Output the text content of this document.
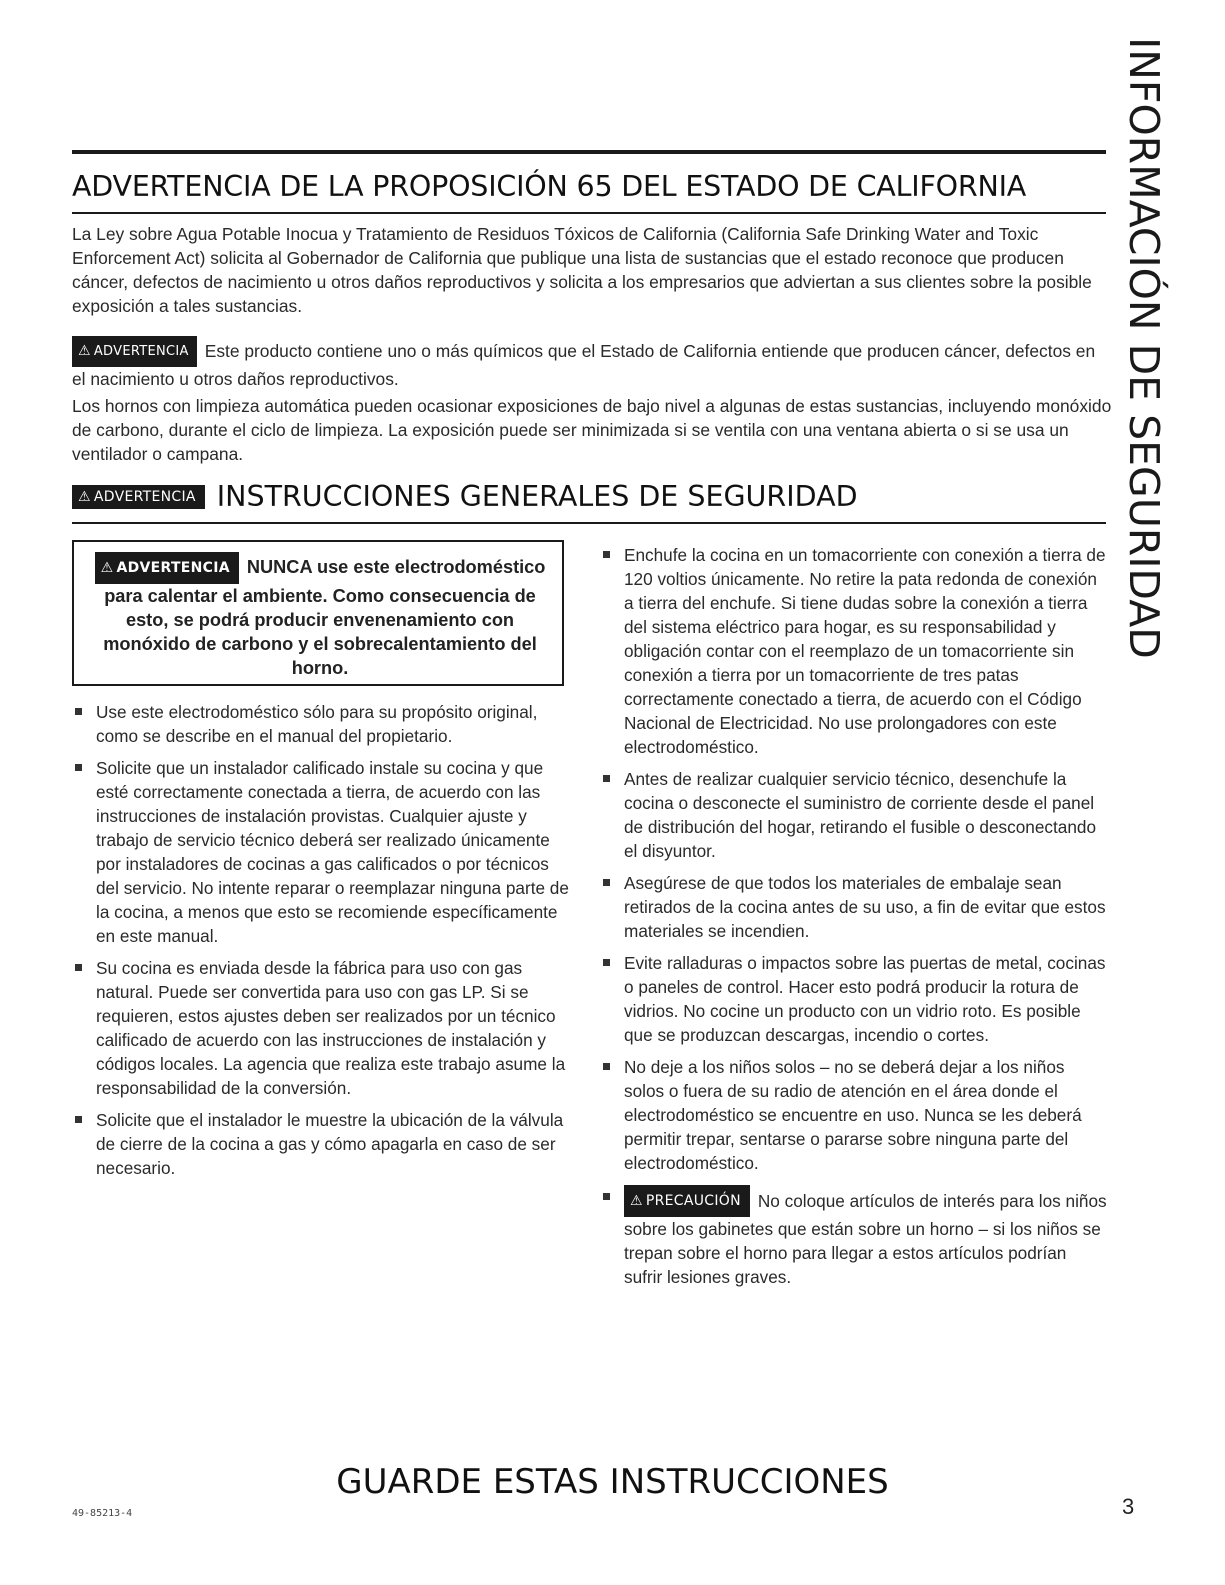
INFORMACIÓN DE SEGURIDAD
ADVERTENCIA DE LA PROPOSICIÓN 65 DEL ESTADO DE CALIFORNIA

La Ley sobre Agua Potable Inocua y Tratamiento de Residuos Tóxicos de California (California Safe Drinking Water and Toxic Enforcement Act) solicita al Gobernador de California que publique una lista de sustancias que el estado reconoce que producen cáncer, defectos de nacimiento u otros daños reproductivos y solicita a los empresarios que adviertan a sus clientes sobre la posible exposición a tales sustancias.

⚠ ADVERTENCIA Este producto contiene uno o más químicos que el Estado de California entiende que producen cáncer, defectos en el nacimiento u otros daños reproductivos.

Los hornos con limpieza automática pueden ocasionar exposiciones de bajo nivel a algunas de estas sustancias, incluyendo monóxido de carbono, durante el ciclo de limpieza. La exposición puede ser minimizada si se ventila con una ventana abierta o si se usa un ventilador o campana.

⚠ ADVERTENCIA INSTRUCCIONES GENERALES DE SEGURIDAD
⚠ ADVERTENCIA NUNCA use este electrodoméstico para calentar el ambiente. Como consecuencia de esto, se podrá producir envenenamiento con monóxido de carbono y el sobrecalentamiento del horno.
Use este electrodoméstico sólo para su propósito original, como se describe en el manual del propietario.
Solicite que un instalador calificado instale su cocina y que esté correctamente conectada a tierra, de acuerdo con las instrucciones de instalación provistas. Cualquier ajuste y trabajo de servicio técnico deberá ser realizado únicamente por instaladores de cocinas a gas calificados o por técnicos del servicio. No intente reparar o reemplazar ninguna parte de la cocina, a menos que esto se recomiende específicamente en este manual.
Su cocina es enviada desde la fábrica para uso con gas natural. Puede ser convertida para uso con gas LP. Si se requieren, estos ajustes deben ser realizados por un técnico calificado de acuerdo con las instrucciones de instalación y códigos locales. La agencia que realiza este trabajo asume la responsabilidad de la conversión.
Solicite que el instalador le muestre la ubicación de la válvula de cierre de la cocina a gas y cómo apagarla en caso de ser necesario.
Enchufe la cocina en un tomacorriente con conexión a tierra de 120 voltios únicamente. No retire la pata redonda de conexión a tierra del enchufe. Si tiene dudas sobre la conexión a tierra del sistema eléctrico para hogar, es su responsabilidad y obligación contar con el reemplazo de un tomacorriente sin conexión a tierra por un tomacorriente de tres patas correctamente conectado a tierra, de acuerdo con el Código Nacional de Electricidad. No use prolongadores con este electrodoméstico.
Antes de realizar cualquier servicio técnico, desenchufe la cocina o desconecte el suministro de corriente desde el panel de distribución del hogar, retirando el fusible o desconectando el disyuntor.
Asegúrese de que todos los materiales de embalaje sean retirados de la cocina antes de su uso, a fin de evitar que estos materiales se incendien.
Evite ralladuras o impactos sobre las puertas de metal, cocinas o paneles de control. Hacer esto podrá producir la rotura de vidrios. No cocine un producto con un vidrio roto. Es posible que se produzcan descargas, incendio o cortes.
No deje a los niños solos – no se deberá dejar a los niños solos o fuera de su radio de atención en el área donde el electrodoméstico se encuentre en uso. Nunca se les deberá permitir trepar, sentarse o pararse sobre ninguna parte del electrodoméstico.
⚠ PRECAUCIÓN No coloque artículos de interés para los niños sobre los gabinetes que están sobre un horno – si los niños se trepan sobre el horno para llegar a estos artículos podrían sufrir lesiones graves.
GUARDE ESTAS INSTRUCCIONES
49-85213-4	3
